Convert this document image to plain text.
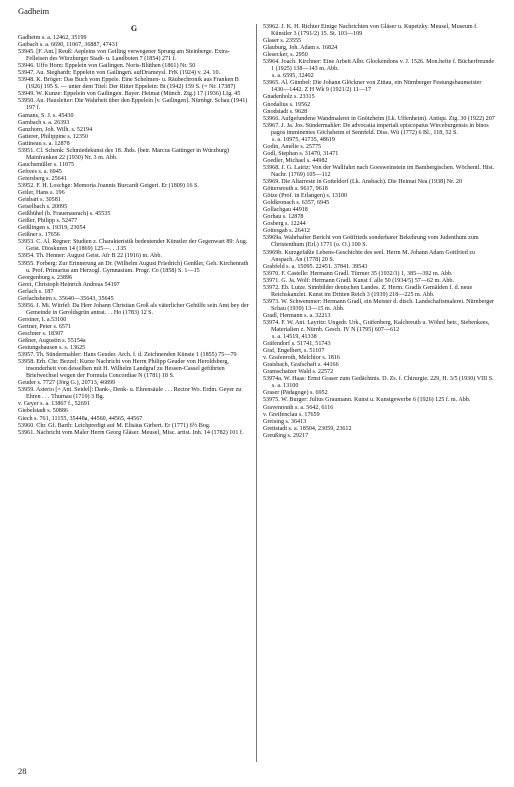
Gadheim

G

Gadheim s. a. 12462, 35199

Gaibach s. a. 6690, 11067, 36887, 47431

53945. [F. Ant.] Reuß: Aepleins von Geiling verwegener Sprung am Steinberge. Extra-Felleisen des Würzburger Stadt- u. Landboten 7 (1854) 271 f.

53946. Uffo Horn: Eppelein von Gailingen. Noris-Blüthen (1861) Nr. 50

53947. Au. Sieghardt: Eppelein von Gailingen. aufDrameysl. FrK (1924) v. 24. 10.

53948. K. Bröger: Das Buch vom Eppele. Eine Schelmen- u. Räubechronik aus Franken B (1926) 195 S. — unter dem Titel: Der Ritter Eppelein: Bt (1942) 159 S. (= Nr. 17387)

53949. W. Kunze: Eppelein von Gailingen. Bayer. Heimat (Münch. Ztg.) 17 (1936) Lfg. 45

53950. Au. Hausleiter: Die Wahrheit über den Eppelein [v. Gailingen]. Nürnbgr. Schau (1941) 197 f.

Gamans, S. J. s. 45430

Gambach s. a. 26393

Ganzhorn, Joh. Wilh. s. 52194

Gatterer, Philippine s. 12350

Gattineau s. a. 12878

53951. Cl. Schenk: Schmiedekunst des 18. Jhds. (betr. Marcus Gattinger in Würzburg) Mainfranken 22 (1930) Nr. 3 m. Abb.

Gauchsmüller s. 11075

Gefrees s. a. 6945

Geiersberg s. 25641

53952. F. H. Loschge: Memoria Joannis Burcardi Geigeri. Er (1809) 16 S.

Geiler, Hans s. 196

Geisbart s. 30581

Geiselbach s. 20095

Geißbühel (b. Frauenaurach) s. 45535

Geißer, Philipp s. 52477

Geißlingen s. 19319, 23054

Geißner s. 17656

53953. C. Al. Regner: Studien z. Charakteristik bedeutender Künstler der Gegenwart 89: Aug. Geist. Dioskuren 14 (1869) 125—. . .135

53954. Th. Henner: August Geist. Afr B 22 (1916) m. Abb.

53955. Forberg: Zur Erinnerung an Dr. (Wilhelm August Friedrich) Genßler, Geh. Kirchenrath u. Prof. Primarius am Herzogl. Gymnasium. Progr. Co (1858) S. 1—15

Georgenburg s. 23896

Geret, Christoph Heinrich Andreas 54197

Gerlach s. 187

Gerlachsheim s. 35640—35643, 35645

53956. J. Mi. Würfel: Da Herr Johann Christian Groß als väterlicher Gehülfe sein Amt bey der Gemeinde in Geroldsgrün antrat. . . Ho (1783) 12 S.

Gerstner, I. a.53100

Gertner, Peter s. 6571

Geschner s. 18307

Geßner, Augustin s. 55154a

Gestungshausen s. s. 13625

53957. Th. Sündermahler: Hans Geuder. Arch. f. d. Zeichnenden Künste 1 (1855) 75—79

53958. Erh. Chr. Bezzel: Kurze Nachricht von Herrn Philipp Geuder von Heroldsberg, insonderheit von desselben mit H. Wilhelm Landgraf zu Hessen-Cassel geführten Briefwechsel wegen der Formula Concordiae N (1781) 18 S.

Geuder s. 7727 (Jörg G.), 20713, 46899

53959. Asterio [= Ant. Seidel]: Dank-, Denk- u. Ehrensäule . . . Rector Wo. Erdm. Geyer zu Ehren . . . Thurnau (1719) 3 Bg.

v. Geyer s. a. 13867 f., 52691

Giebelstadt s. 50886

Giech s. 761, 11155, 35448a, 44560, 44565, 44567

53960. Chr. Gf. Barth: Leichpredigt auf M. Elisäus Girbert. Er (1771) 6½ Bog.

53961. Nachricht vom Maler Herrn Georg Gläser. Meusel, Misc. artist. Inh. 14 (1782) 101 f.

53962. J. K. H. Richter Einige Nachrichten von Gläser u. Kupetzky. Meusel, Museum f. Künstler 3 (1791/2) 15. St. 103—109

Glaser s. 23555

Glauburg, Joh. Adam s. 16824

Glesecker, s. 2950

53964. Joach. Kirchner: Eine Arbeit Albr. Glockendons v. J. 1526. Mon.hefte f. Bücherfreunde 1 (1925) 138—143 m. Abb.

s. a. 6595, 32402

53965. Al. Gümbel: Die Johann Glöckner von Zittau, ein Nürnberger Festungsbaumeister 1430—1442. Z H Wk 9 (1921/2) 11—17

Gnadenholz s. 23315

Gnodalius s. 19562

Gnodstadt s. 9628

53966. Aufgefundene Wandmalerei in Gnötzheim (Lk. Uffenheim). Antiqu. Ztg. 30 (1922) 207

53967. J. Ja. Jos. Sündermahler: De advocatia imperiali episcopatus Wirceburgensis in binos pagos imminentes Göchsheim et Sennfeld. Diss. Wü (1772) 6 Bl., 118, 52 S.

s. a. 10975, 41735, 48619

Godin, Amélie s. 25775

Godl, Stephan s. 31470, 31471

Goedler, Michael s. 44982

53968. J. G. Lairiz: Von der Wallfahrt nach Goesweinstein im Bambergischen. Wöchentl. Hist. Nachr. (1769) 105—112

53969. Die Altarreste in Gotteldorf (Lk. Ansbach). Die Heimat Nea (1938) Nr. 20

Göttersreuth s. 9617, 9618

Götze (Prof. in Erlangen) s. 13100

Goldkronach s. 6357, 6945

Gollachgau 44918

Gorhau s. 12878

Gosberg s. 12244

Gottesgab s. 26412

53969a. Wahrhafter Bericht von Gottfrieds sonderbarer Bekehrung vom Judenthum zum Christenthum (Erl.) 1771 (o. O.) 100 S.

53969b. Kurzgefaßte Lebens-Geschichte des seel. Herrn M. Johann Adam Gottfried zu Anspach. An (1778) 20 S.

Grabfeld s. a. 15095. 22451. 37841. 39543

53970. F. Castelle: Hermann Gradl. Türmer 35 (1932/3) 1, 385—392 m. Abb.

53971. G. Ja. Wolf: Hermann Gradl. Kunst f. alle 50 (1934/5) 57—62 m. Abb.

53972. Eb. Lutze. Sinnbilder deutschen Landes. Z. Herm. Gradls Gemälden f. d. neue Reichskanzlei. Kunst im Dritten Reich 3 (1939) 218—225 m. Abb.

53973. W. Schwemmer: Hermann Gradl, ein Meister d. dtsch. Landschaftsmalerei. Nürnberger Schau (1939) 13—15 m. Abb.

Gradl, Hermann s. a. 32213

53974. F. W. Ant. Layritz: Ungedr. Urk., Gräfenberg, Kalchreuth u. Wöhrd betr., Siebenkees, Materialien z. Nürnb. Gesch. IV N (1795) 607—612

s. a. 14519, 41338

Gräfendorf s. 51741, 51743

Graf, Engelbert, s. 51107

v. Grafenroth, Melchior s. 1816

Graisbach, Grafschaft s. 44166

Gramschatzer Wald s. 22572

53974a. W. Haas: Ernst Graser zum Gedächtnis. D. Zs. f. Chirurgie. 229, H. 3/5 (1930) VIII S.

s. a. 13100

Graser (Pädagoge) s. 6952

53975. W. Burger: Julius Graumann. Kunst u. Kunstgewerbe 6 (1926) 125 f. m. Abb.

Gravenreuth s. a. 5642, 6116

v. Greifenclau s. 17659

Greising s. 36413

Grettstadt s. a. 18504, 23059, 23612

Greußing s. 29217

28
